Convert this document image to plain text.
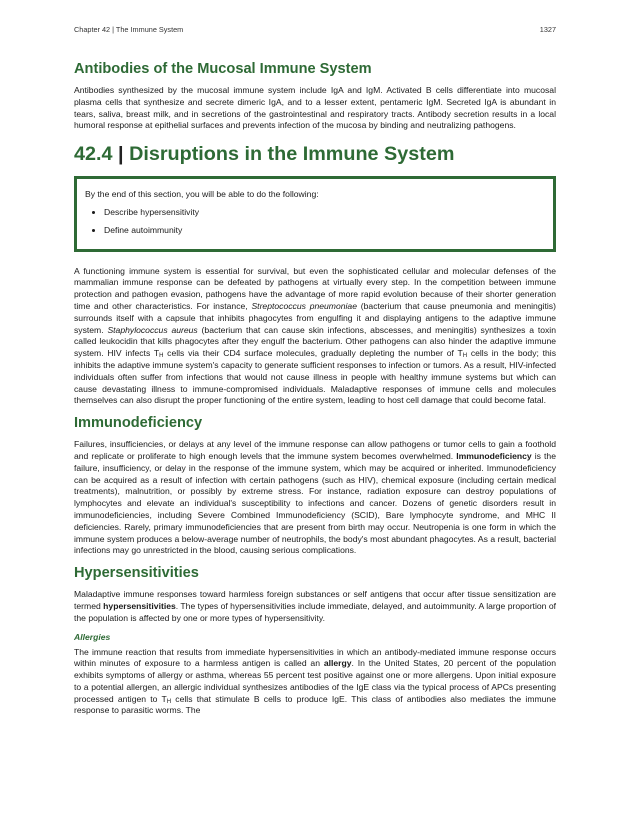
Chapter 42 | The Immune System	1327
Antibodies of the Mucosal Immune System

Antibodies synthesized by the mucosal immune system include IgA and IgM. Activated B cells differentiate into mucosal plasma cells that synthesize and secrete dimeric IgA, and to a lesser extent, pentameric IgM. Secreted IgA is abundant in tears, saliva, breast milk, and in secretions of the gastrointestinal and respiratory tracts. Antibody secretion results in a local humoral response at epithelial surfaces and prevents infection of the mucosa by binding and neutralizing pathogens.

42.4 | Disruptions in the Immune System
By the end of this section, you will be able to do the following:
• Describe hypersensitivity
• Define autoimmunity

A functioning immune system is essential for survival, but even the sophisticated cellular and molecular defenses of the mammalian immune response can be defeated by pathogens at virtually every step. In the competition between immune protection and pathogen evasion, pathogens have the advantage of more rapid evolution because of their shorter generation time and other characteristics. For instance, Streptococcus pneumoniae (bacterium that cause pneumonia and meningitis) surrounds itself with a capsule that inhibits phagocytes from engulfing it and displaying antigens to the adaptive immune system. Staphylococcus aureus (bacterium that can cause skin infections, abscesses, and meningitis) synthesizes a toxin called leukocidin that kills phagocytes after they engulf the bacterium. Other pathogens can also hinder the adaptive immune system. HIV infects $T_H$ cells via their CD4 surface molecules, gradually depleting the number of $T_H$ cells in the body; this inhibits the adaptive immune system's capacity to generate sufficient responses to infection or tumors. As a result, HIV-infected individuals often suffer from infections that would not cause illness in people with healthy immune systems but which can cause devastating illness to immune-compromised individuals. Maladaptive responses of immune cells and molecules themselves can also disrupt the proper functioning of the entire system, leading to host cell damage that could become fatal.

Immunodeficiency

Failures, insufficiencies, or delays at any level of the immune response can allow pathogens or tumor cells to gain a foothold and replicate or proliferate to high enough levels that the immune system becomes overwhelmed. Immunodeficiency is the failure, insufficiency, or delay in the response of the immune system, which may be acquired or inherited. Immunodeficiency can be acquired as a result of infection with certain pathogens (such as HIV), chemical exposure (including certain medical treatments), malnutrition, or possibly by extreme stress. For instance, radiation exposure can destroy populations of lymphocytes and elevate an individual's susceptibility to infections and cancer. Dozens of genetic disorders result in immunodeficiencies, including Severe Combined Immunodeficiency (SCID), Bare lymphocyte syndrome, and MHC II deficiencies. Rarely, primary immunodeficiencies that are present from birth may occur. Neutropenia is one form in which the immune system produces a below-average number of neutrophils, the body's most abundant phagocytes. As a result, bacterial infections may go unrestricted in the blood, causing serious complications.

Hypersensitivities

Maladaptive immune responses toward harmless foreign substances or self antigens that occur after tissue sensitization are termed hypersensitivities. The types of hypersensitivities include immediate, delayed, and autoimmunity. A large proportion of the population is affected by one or more types of hypersensitivity.

Allergies

The immune reaction that results from immediate hypersensitivities in which an antibody-mediated immune response occurs within minutes of exposure to a harmless antigen is called an allergy. In the United States, 20 percent of the population exhibits symptoms of allergy or asthma, whereas 55 percent test positive against one or more allergens. Upon initial exposure to a potential allergen, an allergic individual synthesizes antibodies of the IgE class via the typical process of APCs presenting processed antigen to $T_H$ cells that stimulate B cells to produce IgE. This class of antibodies also mediates the immune response to parasitic worms. The
